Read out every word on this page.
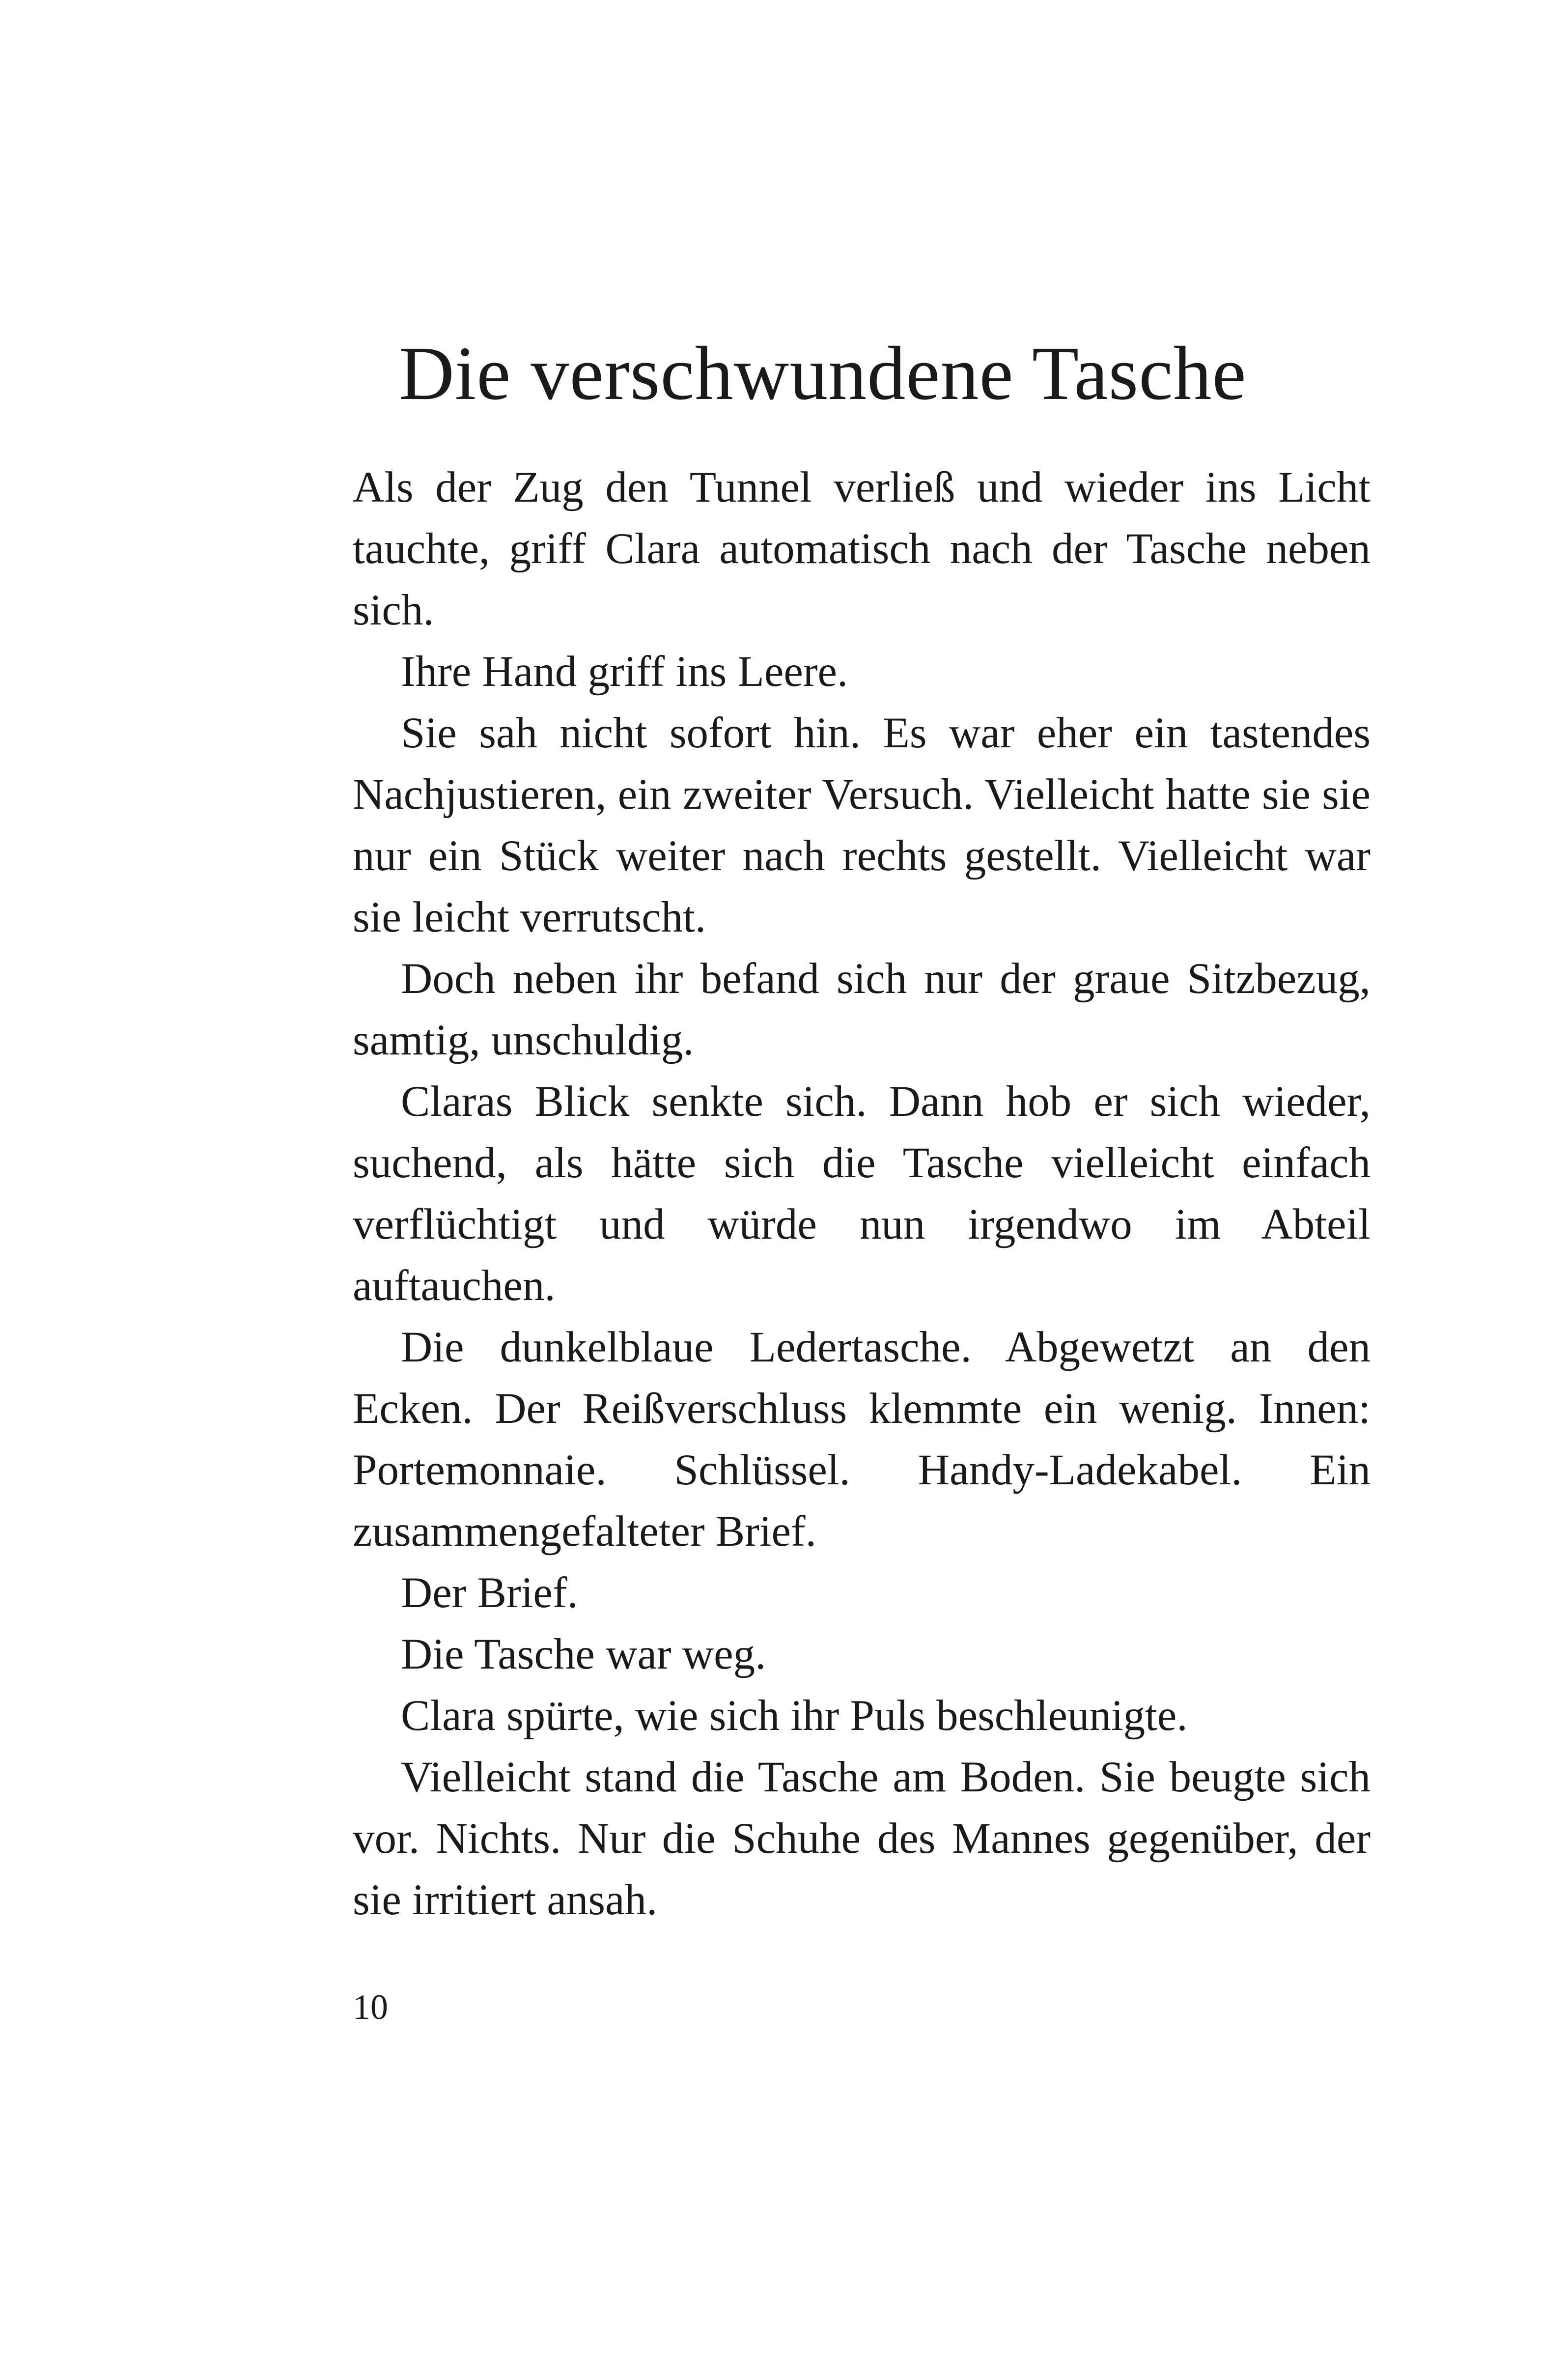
Die verschwundene Tasche

Als der Zug den Tunnel verließ und wieder ins Licht tauchte, griff Clara automatisch nach der Tasche neben sich.

Ihre Hand griff ins Leere.

Sie sah nicht sofort hin. Es war eher ein tastendes Nachjustieren, ein zweiter Versuch. Vielleicht hatte sie sie nur ein Stück weiter nach rechts gestellt. Vielleicht war sie leicht verrutscht.

Doch neben ihr befand sich nur der graue Sitzbezug, samtig, unschuldig.

Claras Blick senkte sich. Dann hob er sich wieder, suchend, als hätte sich die Tasche vielleicht einfach verflüchtigt und würde nun irgendwo im Abteil auftauchen.

Die dunkelblaue Ledertasche. Abgewetzt an den Ecken. Der Reißverschluss klemmte ein wenig. Innen: Portemonnaie. Schlüssel. Handy-Ladekabel. Ein zusammengefalteter Brief.

Der Brief.

Die Tasche war weg.

Clara spürte, wie sich ihr Puls beschleunigte.

Vielleicht stand die Tasche am Boden. Sie beugte sich vor. Nichts. Nur die Schuhe des Mannes gegenüber, der sie irritiert ansah.

10
